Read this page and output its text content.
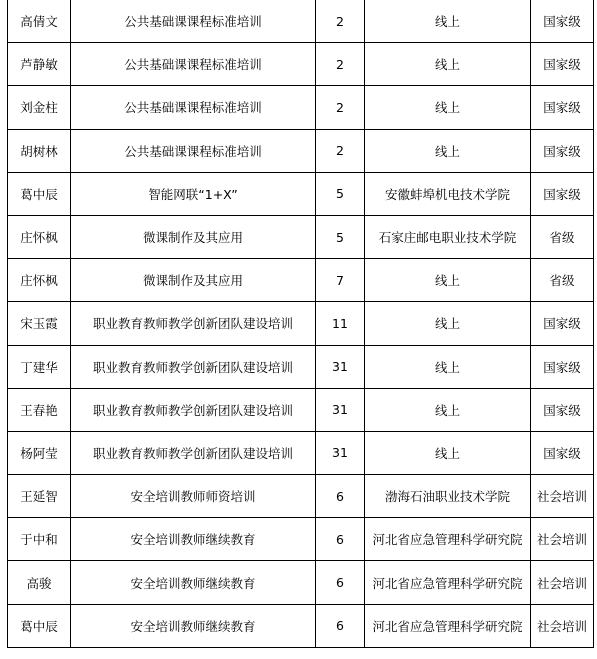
高倩文	公共基础课课程标准培训	2	线上	国家级
芦静敏	公共基础课课程标准培训	2	线上	国家级
刘金柱	公共基础课课程标准培训	2	线上	国家级
胡树林	公共基础课课程标准培训	2	线上	国家级
葛中辰	智能网联“1+X”	5	安徽蚌埠机电技术学院	国家级
庄怀枫	微课制作及其应用	5	石家庄邮电职业技术学院	省级
庄怀枫	微课制作及其应用	7	线上	省级
宋玉霞	职业教育教师教学创新团队建设培训	11	线上	国家级
丁建华	职业教育教师教学创新团队建设培训	31	线上	国家级
王春艳	职业教育教师教学创新团队建设培训	31	线上	国家级
杨阿莹	职业教育教师教学创新团队建设培训	31	线上	国家级
王延智	安全培训教师师资培训	6	渤海石油职业技术学院	社会培训
于中和	安全培训教师继续教育	6	河北省应急管理科学研究院	社会培训
高骏	安全培训教师继续教育	6	河北省应急管理科学研究院	社会培训
葛中辰	安全培训教师继续教育	6	河北省应急管理科学研究院	社会培训
